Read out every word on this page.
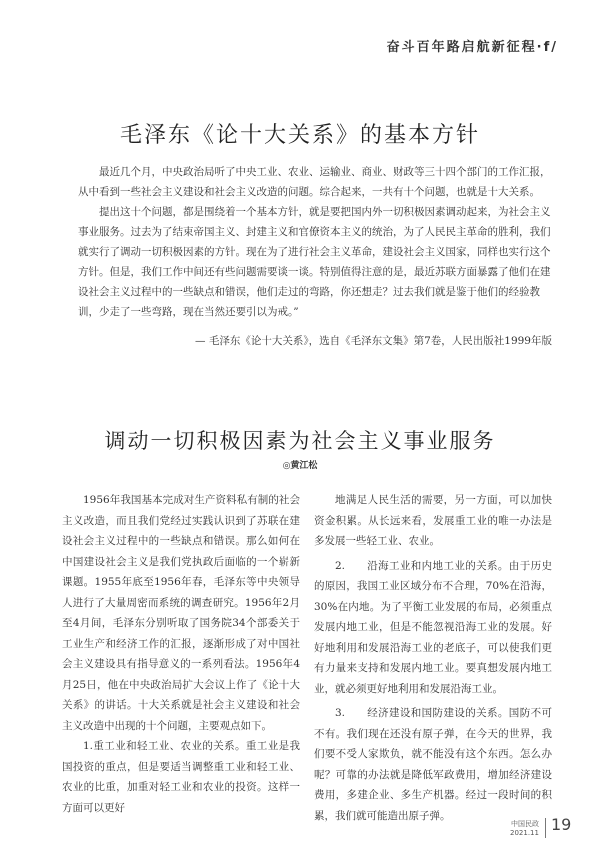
奋斗百年路启航新征程·f/
毛泽东《论十大关系》的基本方针

最近几个月，中央政治局听了中央工业、农业、运输业、商业、财政等三十四个部门的工作汇报，从中看到一些社会主义建设和社会主义改造的问题。综合起来，一共有十个问题，也就是十大关系。

提出这十个问题，都是围绕着一个基本方针，就是要把国内外一切积极因素调动起来，为社会主义事业服务。过去为了结束帝国主义、封建主义和官僚资本主义的统治，为了人民民主革命的胜利，我们就实行了调动一切积极因素的方针。现在为了进行社会主义革命，建设社会主义国家，同样也实行这个方针。但是，我们工作中间还有些问题需要谈一谈。特别值得注意的是，最近苏联方面暴露了他们在建设社会主义过程中的一些缺点和错误，他们走过的弯路，你还想走？过去我们就是鉴于他们的经验教训，少走了一些弯路，现在当然还要引以为戒。”

— 毛泽东《论十大关系》，选自《毛泽东文集》第7卷，人民出版社1999年版
调动一切积极因素为社会主义事业服务
◎黄江松

1956年我国基本完成对生产资料私有制的社会主义改造，而且我们党经过实践认识到了苏联在建设社会主义过程中的一些缺点和错误。那么如何在中国建设社会主义是我们党执政后面临的一个崭新课题。1955年底至1956年春，毛泽东等中央领导人进行了大量周密而系统的调查研究。1956年2月至4月间，毛泽东分别听取了国务院34个部委关于工业生产和经济工作的汇报，逐渐形成了对中国社会主义建设具有指导意义的一系列看法。1956年4月25日，他在中央政治局扩大会议上作了《论十大关系》的讲话。十大关系就是社会主义建设和社会主义改造中出现的十个问题，主要观点如下。

1.重工业和轻工业、农业的关系。重工业是我国投资的重点，但是要适当调整重工业和轻工业、农业的比重，加重对轻工业和农业的投资。这样一方面可以更好

地满足人民生活的需要，另一方面，可以加快资金积累。从长远来看，发展重工业的唯一办法是多发展一些轻工业、农业。

2.　　沿海工业和内地工业的关系。由于历史的原因，我国工业区域分布不合理，70%在沿海，30%在内地。为了平衡工业发展的布局，必须重点发展内地工业，但是不能忽视沿海工业的发展。好好地利用和发展沿海工业的老底子，可以使我们更有力量来支持和发展内地工业。要真想发展内地工业，就必须更好地利用和发展沿海工业。

3.　　经济建设和国防建设的关系。国防不可不有。我们现在还没有原子弹，在今天的世界，我们要不受人家欺负，就不能没有这个东西。怎么办呢？可靠的办法就是降低军政费用，增加经济建设费用，多建企业、多生产机器。经过一段时间的积累，我们就可能造出原子弹。

中国民政
2021.11 19
